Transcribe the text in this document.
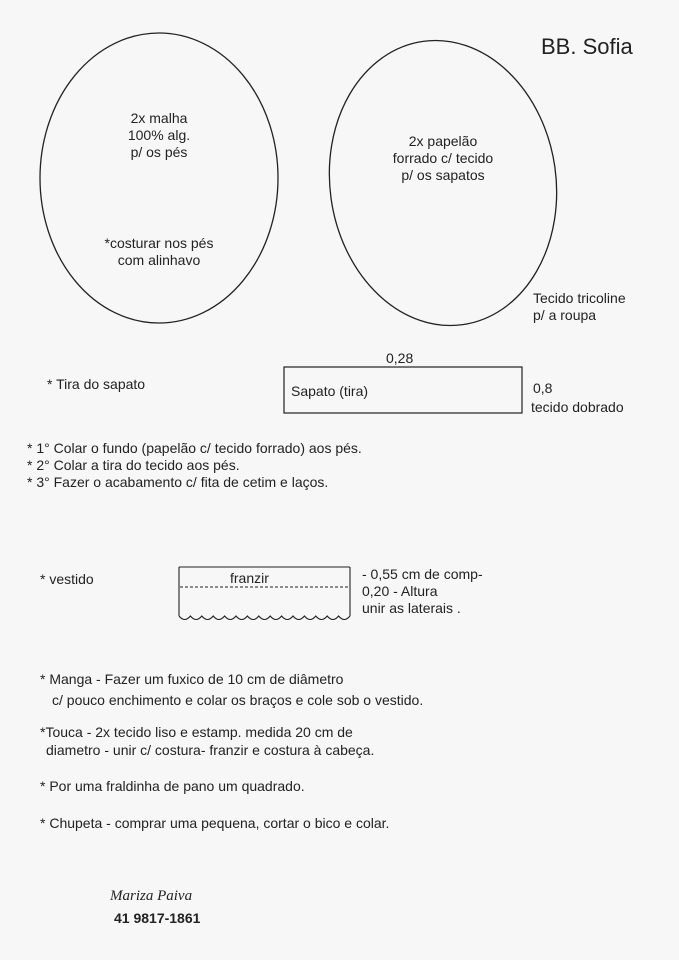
BB. Sofia
2x malha
100% alg.
p/ os pés
*costurar nos pés
com alinhavo
2x papelão
forrado c/ tecido
p/ os sapatos
Tecido tricoline
p/ a roupa
* Tira do sapato
0,28
Sapato (tira)	0,8
tecido dobrado
* 1° Colar o fundo (papelão c/ tecido forrado) aos pés.
* 2° Colar a tira do tecido aos pés.
* 3° Fazer o acabamento c/ fita de cetim e laços.
* vestido	franzir	- 0,55 cm de comp-
0,20 - Altura
unir as laterais .
* Manga - Fazer um fuxico de 10 cm de diâmetro
c/ pouco enchimento e colar os braços e cole sob o vestido.
*Touca - 2x tecido liso e estamp. medida 20 cm de
diametro - unir c/ costura- franzir e costura à cabeça.
* Por uma fraldinha de pano um quadrado.
* Chupeta - comprar uma pequena, cortar o bico e colar.
Mariza Paiva
41 9817-1861
